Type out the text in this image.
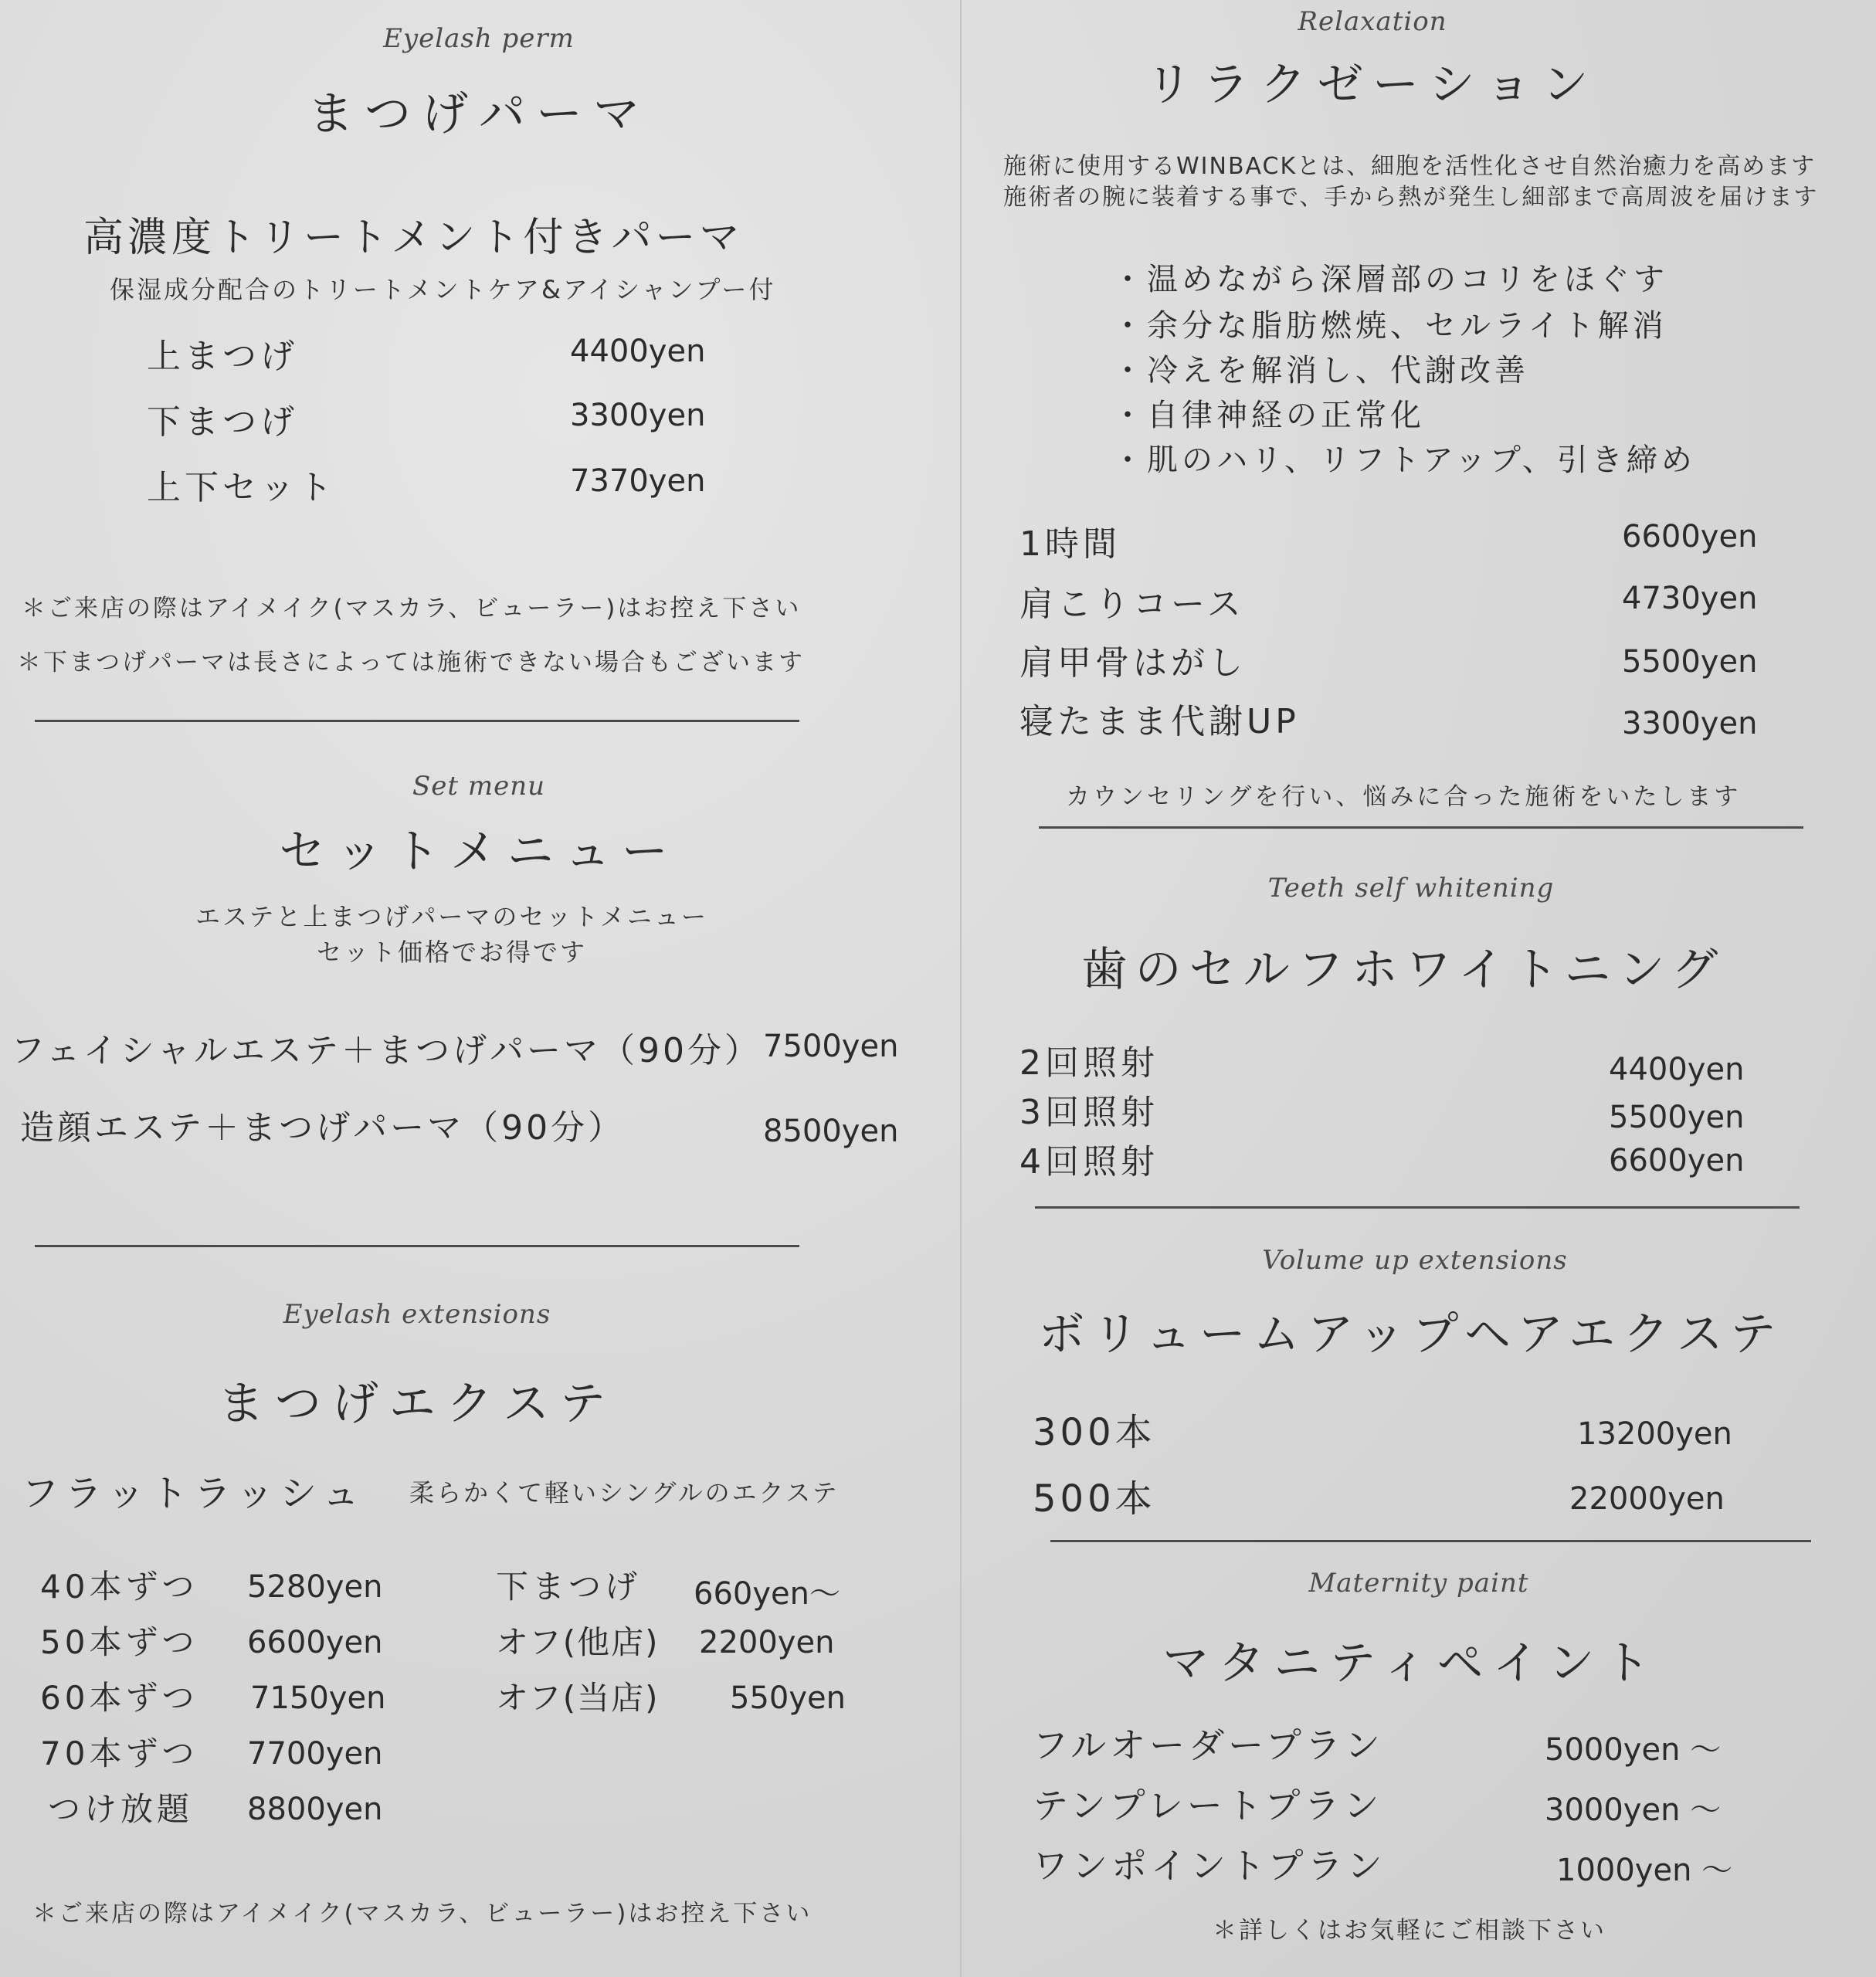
Eyelash perm
まつげパーマ
高濃度トリートメント付きパーマ
保湿成分配合のトリートメントケア&アイシャンプー付
上まつげ	4400yen
下まつげ	3300yen
上下セット	7370yen
＊ご来店の際はアイメイク(マスカラ、ビューラー)はお控え下さい
＊下まつげパーマは長さによっては施術できない場合もございます
Set menu
セットメニュー
エステと上まつげパーマのセットメニュー
セット価格でお得です
フェイシャルエステ＋まつげパーマ（90分） 7500yen
造顔エステ＋まつげパーマ（90分）	8500yen
Eyelash extensions
まつげエクステ
フラットラッシュ 柔らかくて軽いシングルのエクステ
40本ずつ 5280yen
50本ずつ 6600yen
60本ずつ 7150yen
70本ずつ 7700yen
つけ放題 8800yen
下まつげ 660yen〜
オフ(他店) 2200yen
オフ(当店) 550yen
＊ご来店の際はアイメイク(マスカラ、ビューラー)はお控え下さい
Relaxation
リラクゼーション
施術に使用するWINBACKとは、細胞を活性化させ自然治癒力を高めます
施術者の腕に装着する事で、手から熱が発生し細部まで高周波を届けます
・温めながら深層部のコリをほぐす
・余分な脂肪燃焼、セルライト解消
・冷えを解消し、代謝改善
・自律神経の正常化
・肌のハリ、リフトアップ、引き締め
1時間	6600yen
肩こりコース	4730yen
肩甲骨はがし	5500yen
寝たまま代謝UP	3300yen
カウンセリングを行い、悩みに合った施術をいたします
Teeth self whitening
歯のセルフホワイトニング
2回照射	4400yen
3回照射	5500yen
4回照射	6600yen
Volume up extensions
ボリュームアップヘアエクステ
300本	13200yen
500本	22000yen
Maternity paint
マタニティペイント
フルオーダープラン	5000yen 〜
テンプレートプラン	3000yen 〜
ワンポイントプラン	1000yen 〜
＊詳しくはお気軽にご相談下さい
